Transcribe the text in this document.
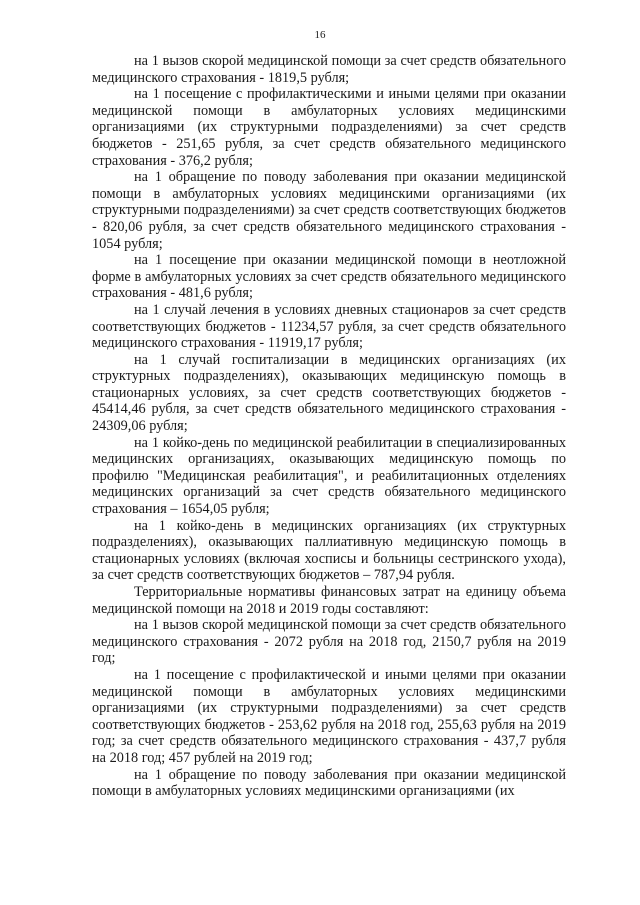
16

на 1 вызов скорой медицинской помощи за счет средств обязательного медицинского страхования - 1819,5 рубля;

на 1 посещение с профилактическими и иными целями при оказании медицинской помощи в амбулаторных условиях медицинскими организациями (их структурными подразделениями) за счет средств бюджетов - 251,65 рубля, за счет средств обязательного медицинского страхования - 376,2 рубля;

на 1 обращение по поводу заболевания при оказании медицинской помощи в амбулаторных условиях медицинскими организациями (их структурными подразделениями) за счет средств соответствующих бюджетов - 820,06 рубля, за счет средств обязательного медицинского страхования - 1054 рубля;

на 1 посещение при оказании медицинской помощи в неотложной форме в амбулаторных условиях за счет средств обязательного медицинского страхования - 481,6 рубля;

на 1 случай лечения в условиях дневных стационаров за счет средств соответствующих бюджетов - 11234,57 рубля, за счет средств обязательного медицинского страхования - 11919,17 рубля;

на 1 случай госпитализации в медицинских организациях (их структурных подразделениях), оказывающих медицинскую помощь в стационарных условиях, за счет средств соответствующих бюджетов - 45414,46 рубля, за счет средств обязательного медицинского страхования - 24309,06 рубля;

на 1 койко-день по медицинской реабилитации в специализированных медицинских организациях, оказывающих медицинскую помощь по профилю "Медицинская реабилитация", и реабилитационных отделениях медицинских организаций за счет средств обязательного медицинского страхования – 1654,05 рубля;

на 1 койко-день в медицинских организациях (их структурных подразделениях), оказывающих паллиативную медицинскую помощь в стационарных условиях (включая хосписы и больницы сестринского ухода), за счет средств соответствующих бюджетов – 787,94 рубля.

Территориальные нормативы финансовых затрат на единицу объема медицинской помощи на 2018 и 2019 годы составляют:

на 1 вызов скорой медицинской помощи за счет средств обязательного медицинского страхования - 2072 рубля на 2018 год, 2150,7 рубля на 2019 год;

на 1 посещение с профилактической и иными целями при оказании медицинской помощи в амбулаторных условиях медицинскими организациями (их структурными подразделениями) за счет средств соответствующих бюджетов - 253,62 рубля на 2018 год, 255,63 рубля на 2019 год; за счет средств обязательного медицинского страхования - 437,7 рубля на 2018 год; 457 рублей на 2019 год;

на 1 обращение по поводу заболевания при оказании медицинской помощи в амбулаторных условиях медицинскими организациями (их
